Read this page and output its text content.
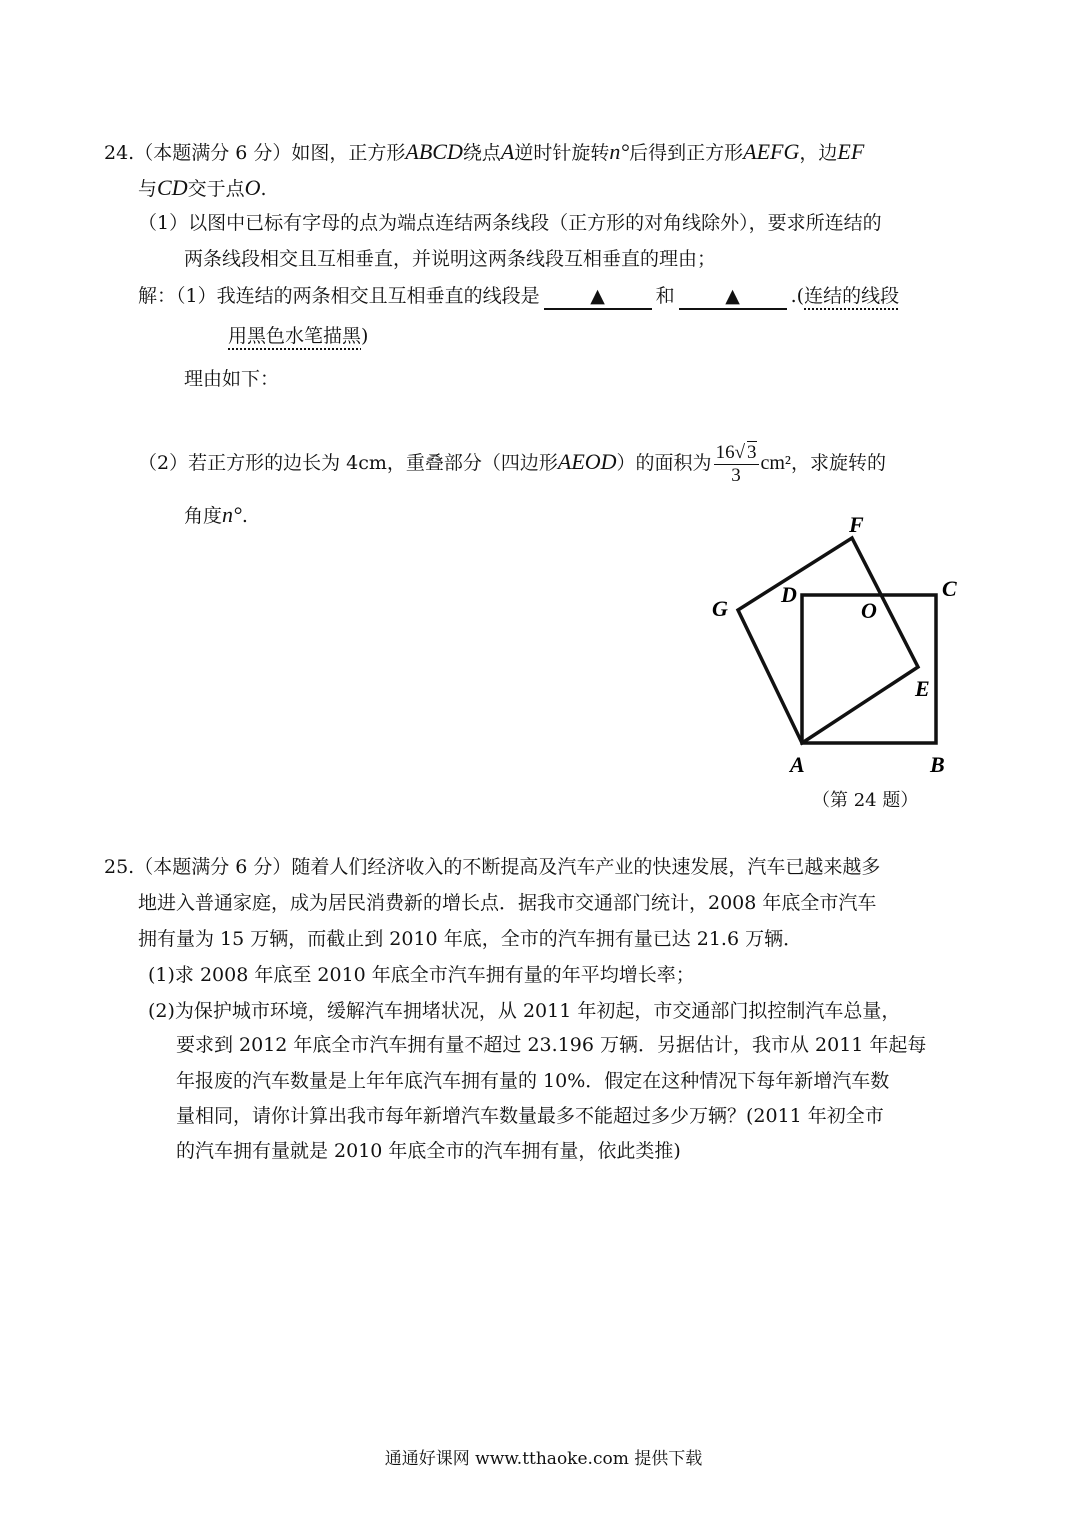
24.（本题满分 6 分）如图，正方形ABCD绕点A逆时针旋转n°后得到正方形AEFG，边EF
与CD交于点O.
（1）以图中已标有字母的点为端点连结两条线段（正方形的对角线除外），要求所连结的
两条线段相交且互相垂直，并说明这两条线段互相垂直的理由；
解：（1）我连结的两条相交且互相垂直的线段是	▲	和	▲	.(连结的线段
用黑色水笔描黑)
理由如下：
（2）若正方形的边长为 4cm，重叠部分（四边形AEOD）的面积为 $\frac{16√ 3}{3} cm^2$，求旋转的
角度n°.
A	B
C
D
E
F
G	O
（第 24 题）
25.（本题满分 6 分）随着人们经济收入的不断提高及汽车产业的快速发展，汽车已越来越多
地进入普通家庭，成为居民消费新的增长点．据我市交通部门统计，2008 年底全市汽车
拥有量为 15 万辆，而截止到 2010 年底，全市的汽车拥有量已达 21.6 万辆．
(1)求 2008 年底至 2010 年底全市汽车拥有量的年平均增长率；
(2)为保护城市环境，缓解汽车拥堵状况，从 2011 年初起，市交通部门拟控制汽车总量，
要求到 2012 年底全市汽车拥有量不超过 23.196 万辆．另据估计，我市从 2011 年起每
年报废的汽车数量是上年年底汽车拥有量的 10%．假定在这种情况下每年新增汽车数
量相同，请你计算出我市每年新增汽车数量最多不能超过多少万辆？(2011 年初全市
的汽车拥有量就是 2010 年底全市的汽车拥有量，依此类推)
通通好课网 www.tthaoke.com 提供下载
